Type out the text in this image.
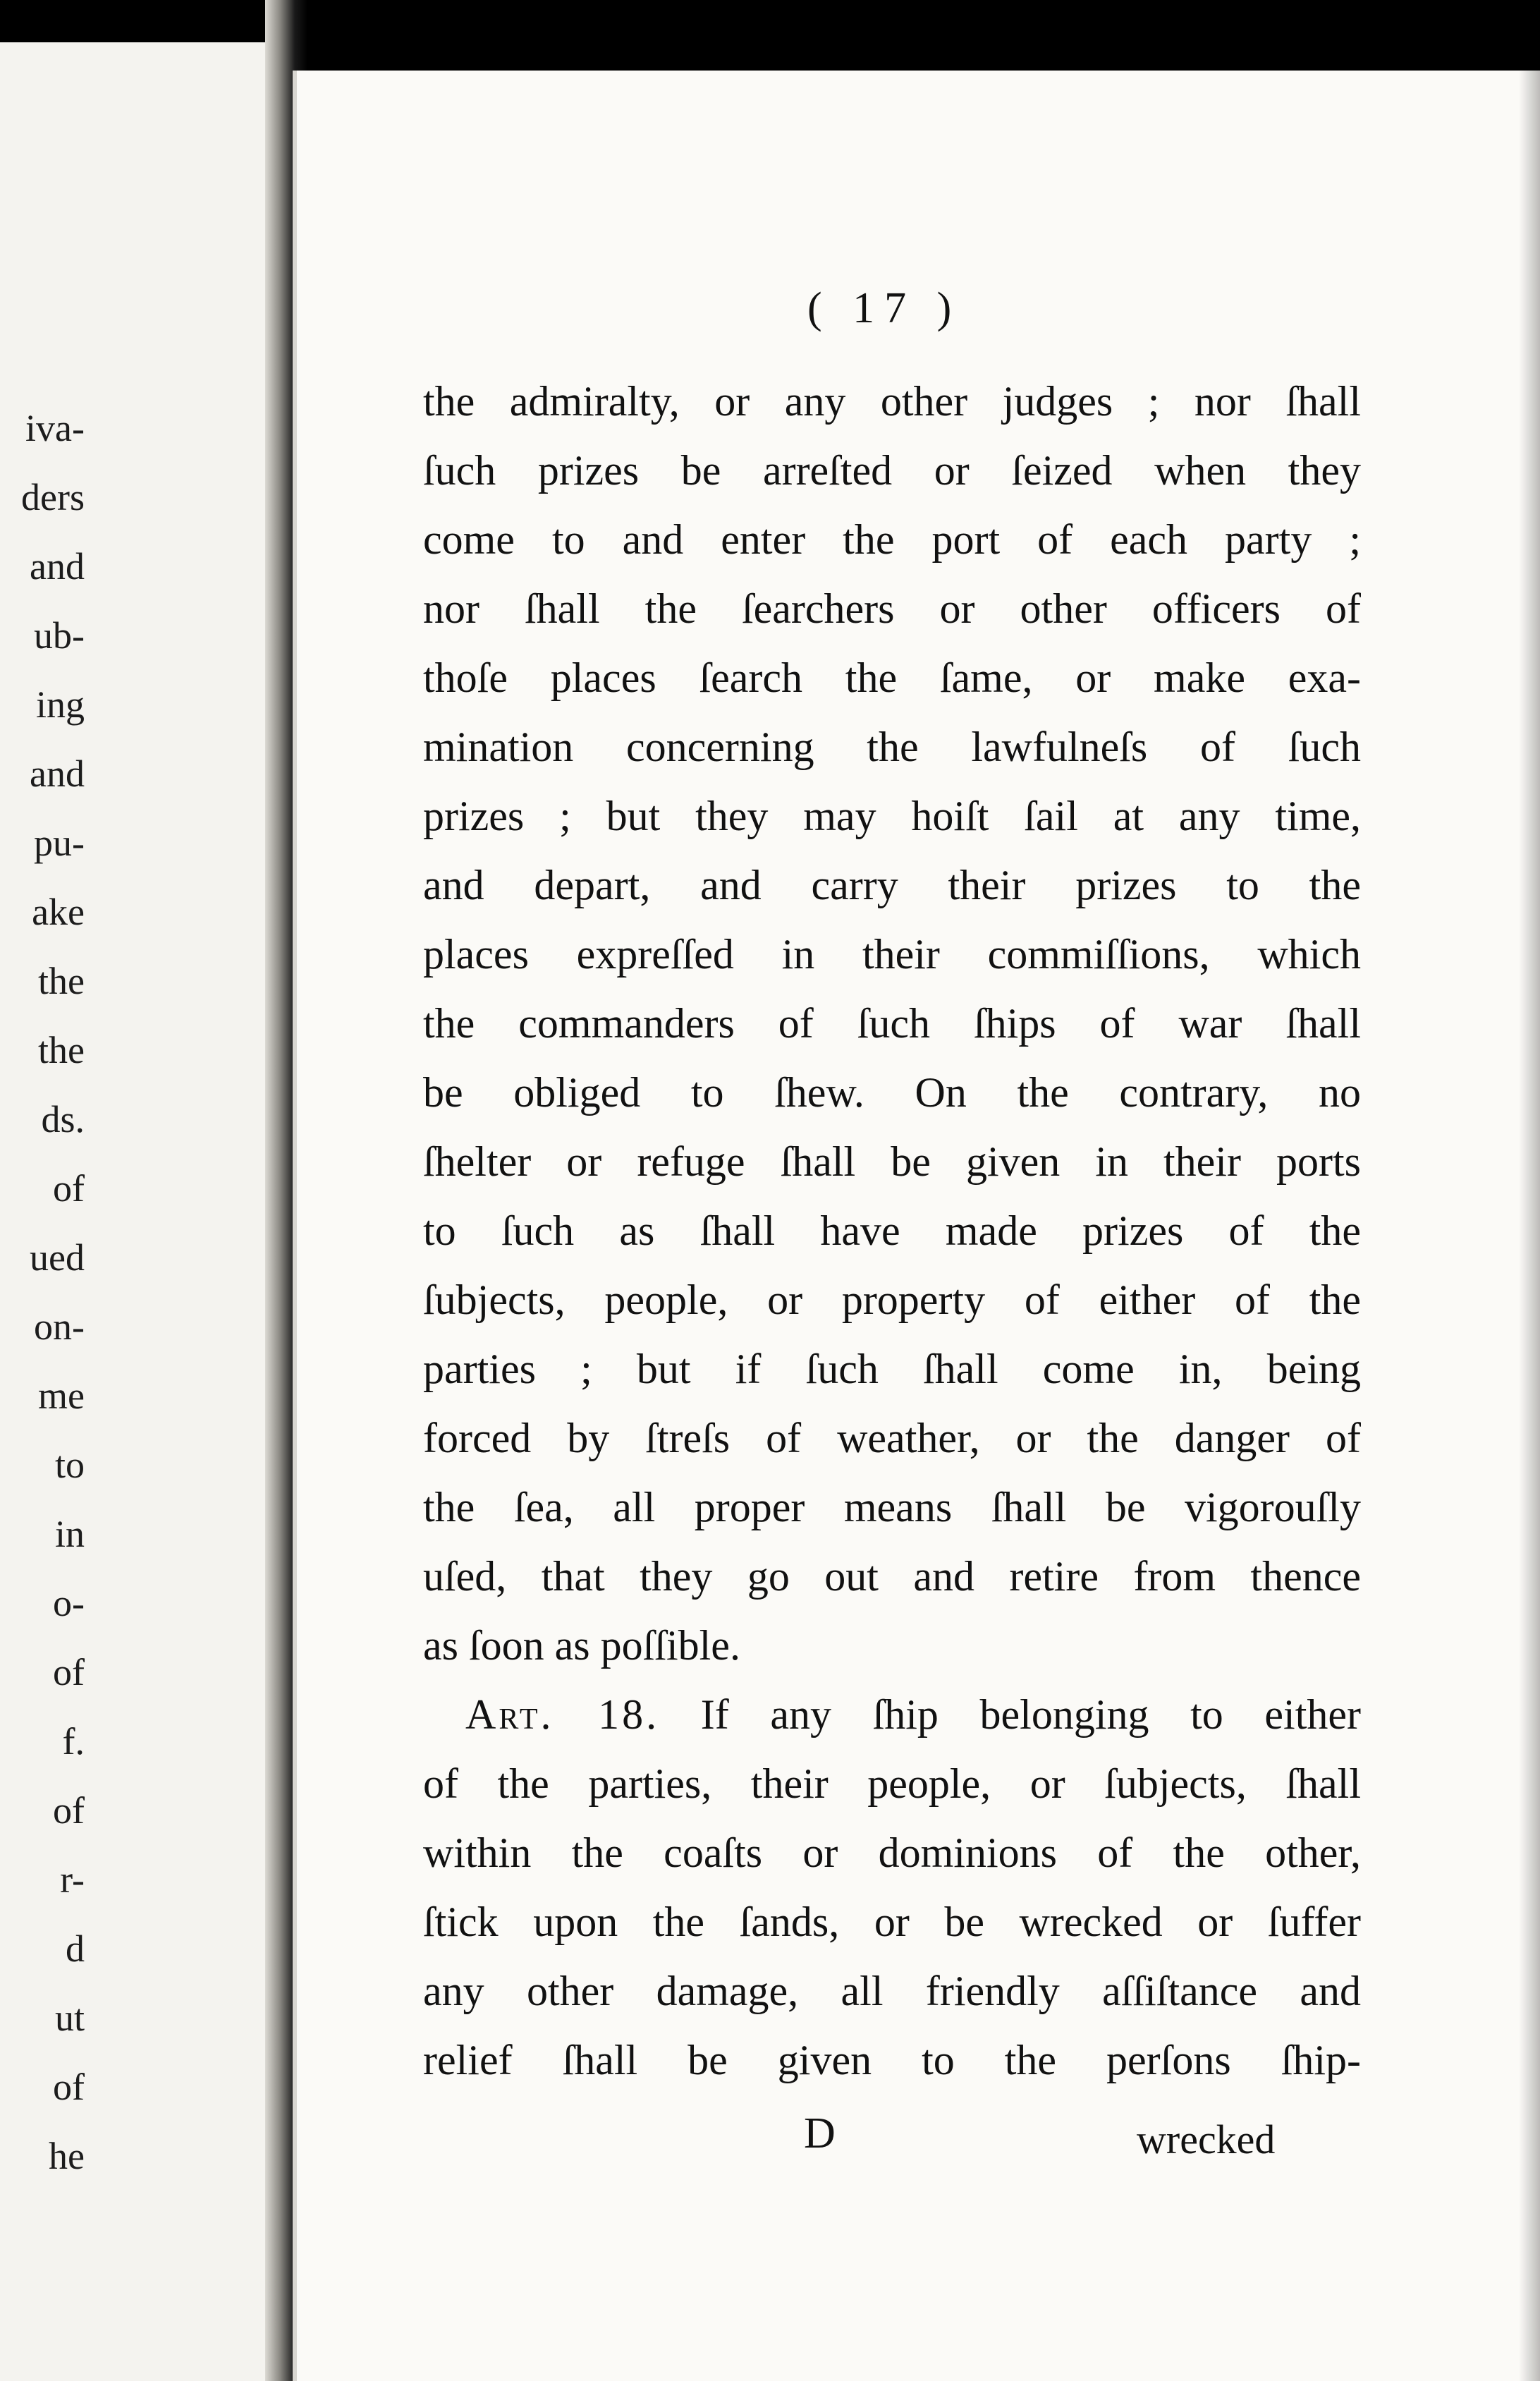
iva-
ders
and
ub-
ing
and
pu-
ake
the
the
ds.
of
ued
on-
me
to
in
o-
of
f.
of
r-
d
ut
of
he
( 17 )
the admiralty, or any other judges ; nor ſhall
ſuch prizes be arreſted or ſeized when they
come to and enter the port of each party ;
nor ſhall the ſearchers or other officers of
thoſe places ſearch the ſame, or make exa-
mination concerning the lawfulneſs of ſuch
prizes ; but they may hoiſt ſail at any time,
and depart, and carry their prizes to the
places expreſſed in their commiſſions, which
the commanders of ſuch ſhips of war ſhall
be obliged to ſhew. On the contrary, no
ſhelter or refuge ſhall be given in their ports
to ſuch as ſhall have made prizes of the
ſubjects, people, or property of either of the
parties ; but if ſuch ſhall come in, being
forced by ſtreſs of weather, or the danger of
the ſea, all proper means ſhall be vigorouſly
uſed, that they go out and retire from thence
as ſoon as poſſible.
Art. 18. If any ſhip belonging to either
of the parties, their people, or ſubjects, ſhall
within the coaſts or dominions of the other,
ſtick upon the ſands, or be wrecked or ſuffer
any other damage, all friendly aſſiſtance and
relief ſhall be given to the perſons ſhip-
D	wrecked
